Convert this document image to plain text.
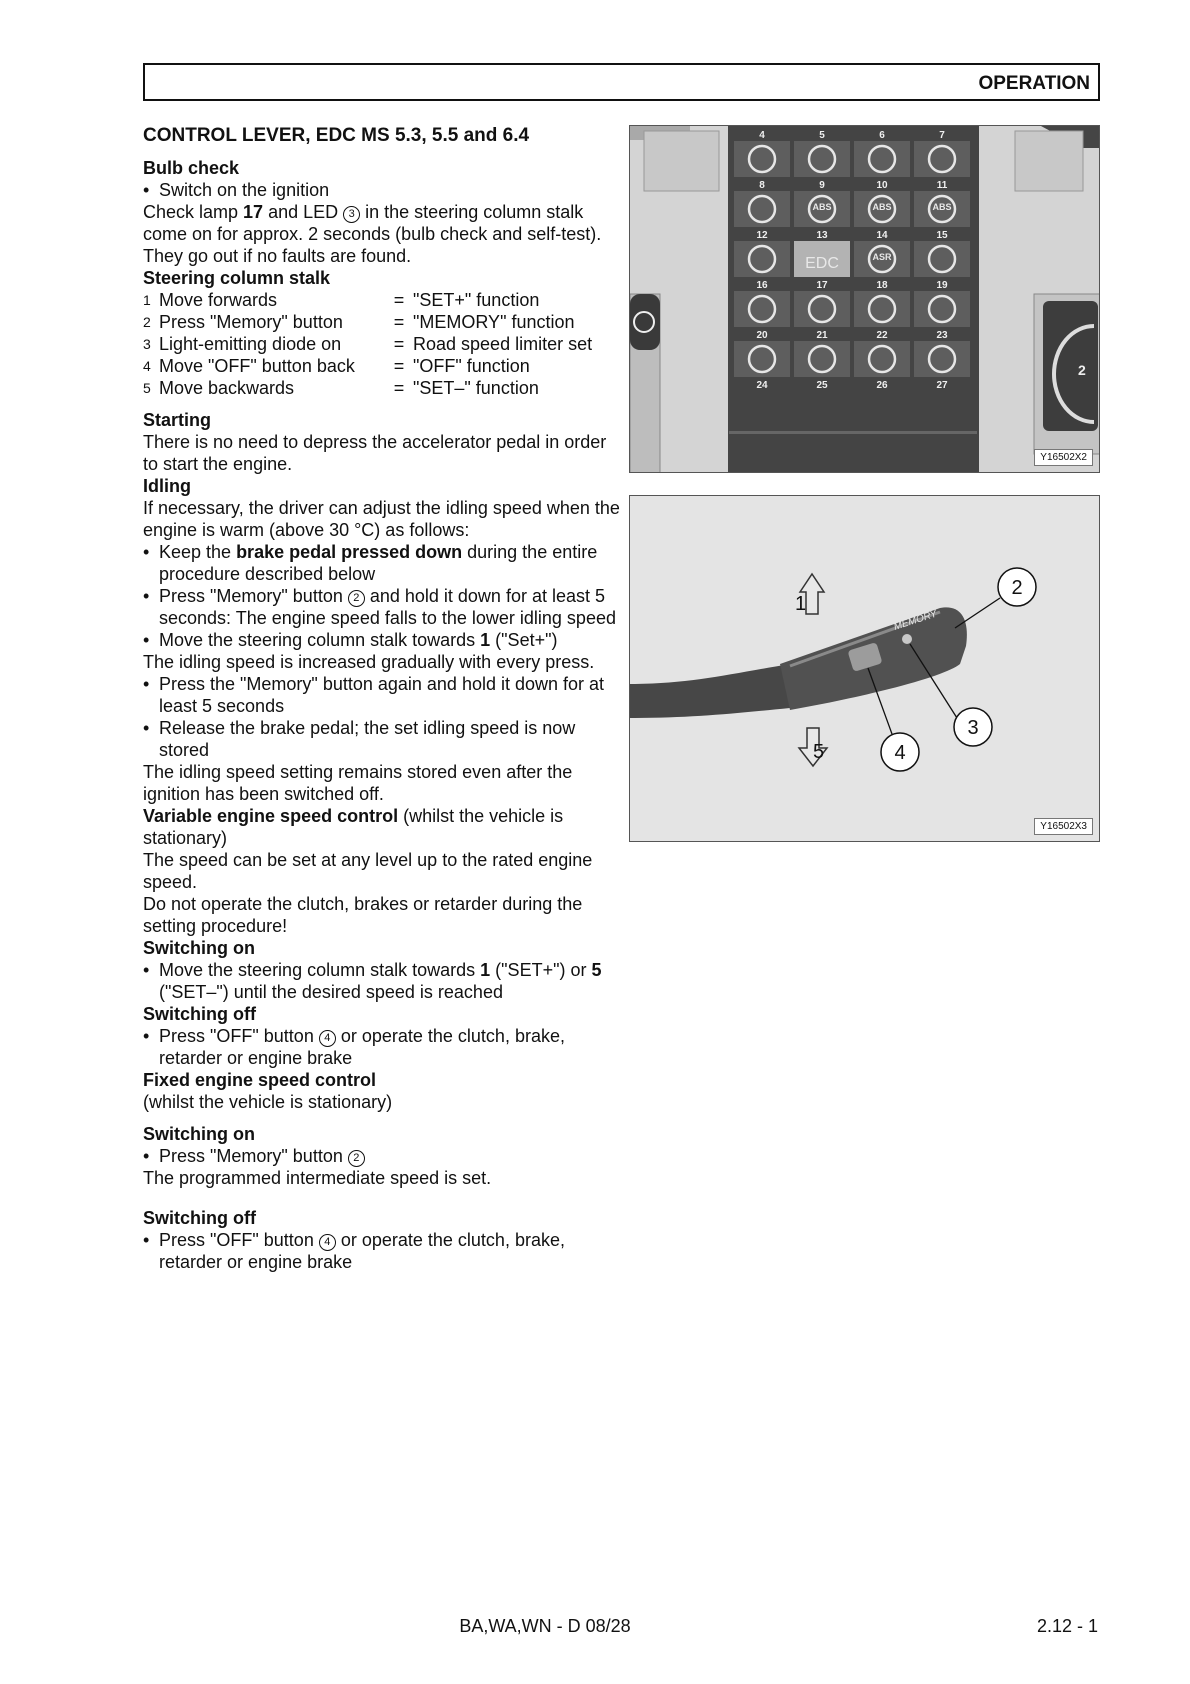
OPERATION

CONTROL LEVER, EDC MS 5.3, 5.5 and 6.4

Bulb check

• Switch on the ignition

Check lamp 17 and LED 3 in the steering column stalk come on for approx. 2 seconds (bulb check and self-test). They go out if no faults are found.

Steering column stalk

1	Move forwards	=	"SET+" function
2	Press "Memory" button	=	"MEMORY" function
3	Light-emitting diode on	=	Road speed limiter set
4	Move "OFF" button back	=	"OFF" function
5	Move backwards	=	"SET–" function

Starting

There is no need to depress the accelerator pedal in order to start the engine.

Idling

If necessary, the driver can adjust the idling speed when the engine is warm (above 30 °C) as follows:

• Keep the brake pedal pressed down during the entire procedure described below

• Press "Memory" button 2 and hold it down for at least 5 seconds: The engine speed falls to the lower idling speed

• Move the steering column stalk towards 1 ("Set+")

The idling speed is increased gradually with every press.

• Press the "Memory" button again and hold it down for at least 5 seconds

• Release the brake pedal; the set idling speed is now stored

The idling speed setting remains stored even after the ignition has been switched off.

Variable engine speed control (whilst the vehicle is stationary)

The speed can be set at any level up to the rated engine speed.

Do not operate the clutch, brakes or retarder during the setting procedure!

Switching on

• Move the steering column stalk towards 1 ("SET+") or 5 ("SET–") until the desired speed is reached

Switching off

• Press "OFF" button 4 or operate the clutch, brake, retarder or engine brake

Fixed engine speed control

(whilst the vehicle is stationary)

Switching on

• Press "Memory" button 2

The programmed intermediate speed is set.

Switching off

• Press "OFF" button 4 or operate the clutch, brake, retarder or engine brake

2
4	5	6	7
8	9	10	11
12	13	14	15
16	17	18	19
20	21	22	23
24	25	26	27
EDC
ABS	ABS	ABS
ASR
Y16502X2
MEMORY
1
5
2
3
4
Y16502X3
BA,WA,WN - D 08/28	2.12 - 1
